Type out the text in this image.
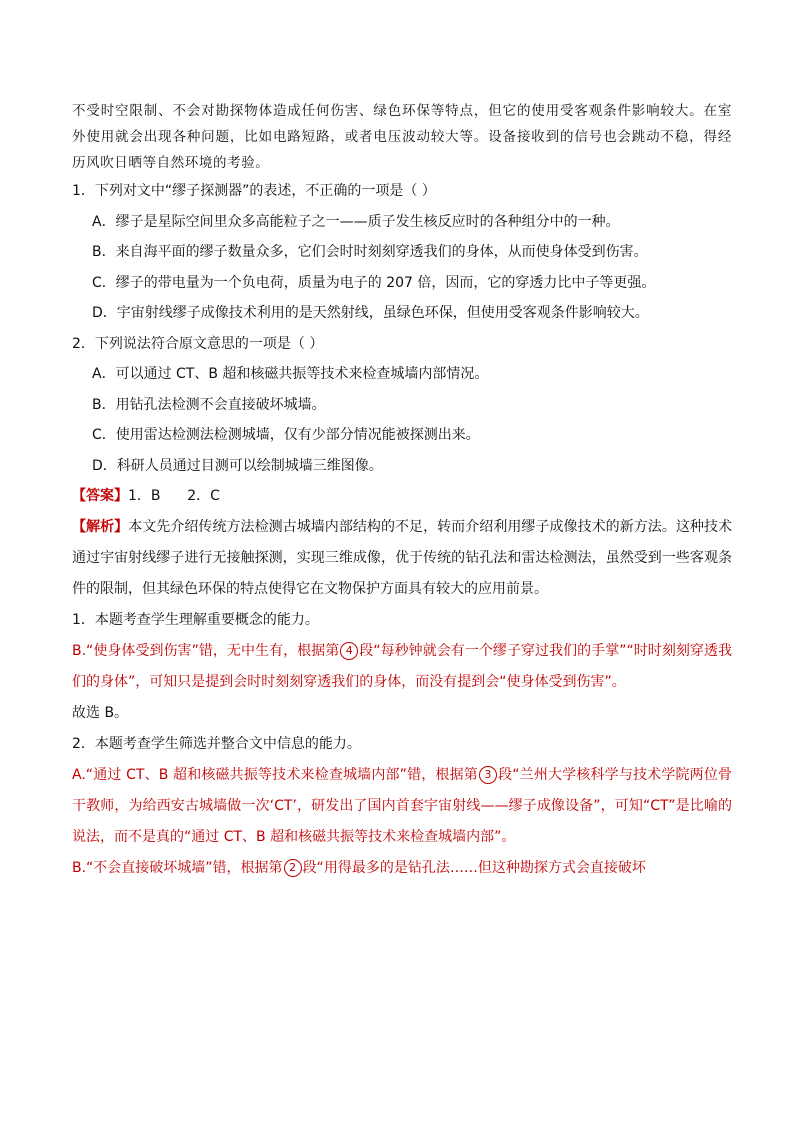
不受时空限制、不会对勘探物体造成任何伤害、绿色环保等特点，但它的使用受客观条件影响较大。在室外使用就会出现各种问题，比如电路短路，或者电压波动较大等。设备接收到的信号也会跳动不稳，得经历风吹日晒等自然环境的考验。

1．下列对文中“缪子探测器”的表述，不正确的一项是（ ）

A．缪子是星际空间里众多高能粒子之一——质子发生核反应时的各种组分中的一种。

B．来自海平面的缪子数量众多，它们会时时刻刻穿透我们的身体，从而使身体受到伤害。

C．缪子的带电量为一个负电荷，质量为电子的 207 倍，因而，它的穿透力比中子等更强。

D．宇宙射线缪子成像技术利用的是天然射线，虽绿色环保，但使用受客观条件影响较大。

2．下列说法符合原文意思的一项是（ ）

A．可以通过 CT、B 超和核磁共振等技术来检查城墙内部情况。

B．用钻孔法检测不会直接破坏城墙。

C．使用雷达检测法检测城墙，仅有少部分情况能被探测出来。

D．科研人员通过目测可以绘制城墙三维图像。

【答案】1．B      2．C

【解析】本文先介绍传统方法检测古城墙内部结构的不足，转而介绍利用缪子成像技术的新方法。这种技术通过宇宙射线缪子进行无接触探测，实现三维成像，优于传统的钻孔法和雷达检测法，虽然受到一些客观条件的限制，但其绿色环保的特点使得它在文物保护方面具有较大的应用前景。

1．本题考查学生理解重要概念的能力。

B.“使身体受到伤害”错，无中生有，根据第 4 段“每秒钟就会有一个缪子穿过我们的手掌”“时时刻刻穿透我们的身体”，可知只是提到会时时刻刻穿透我们的身体，而没有提到会“使身体受到伤害”。

故选 B。

2．本题考查学生筛选并整合文中信息的能力。

A.“通过 CT、B 超和核磁共振等技术来检查城墙内部”错，根据第 3 段“兰州大学核科学与技术学院两位骨干教师，为给西安古城墙做一次‘CT’，研发出了国内首套宇宙射线——缪子成像设备”，可知“CT”是比喻的说法，而不是真的“通过 CT、B 超和核磁共振等技术来检查城墙内部”。

B.“不会直接破坏城墙”错，根据第 2 段“用得最多的是钻孔法……但这种勘探方式会直接破坏
